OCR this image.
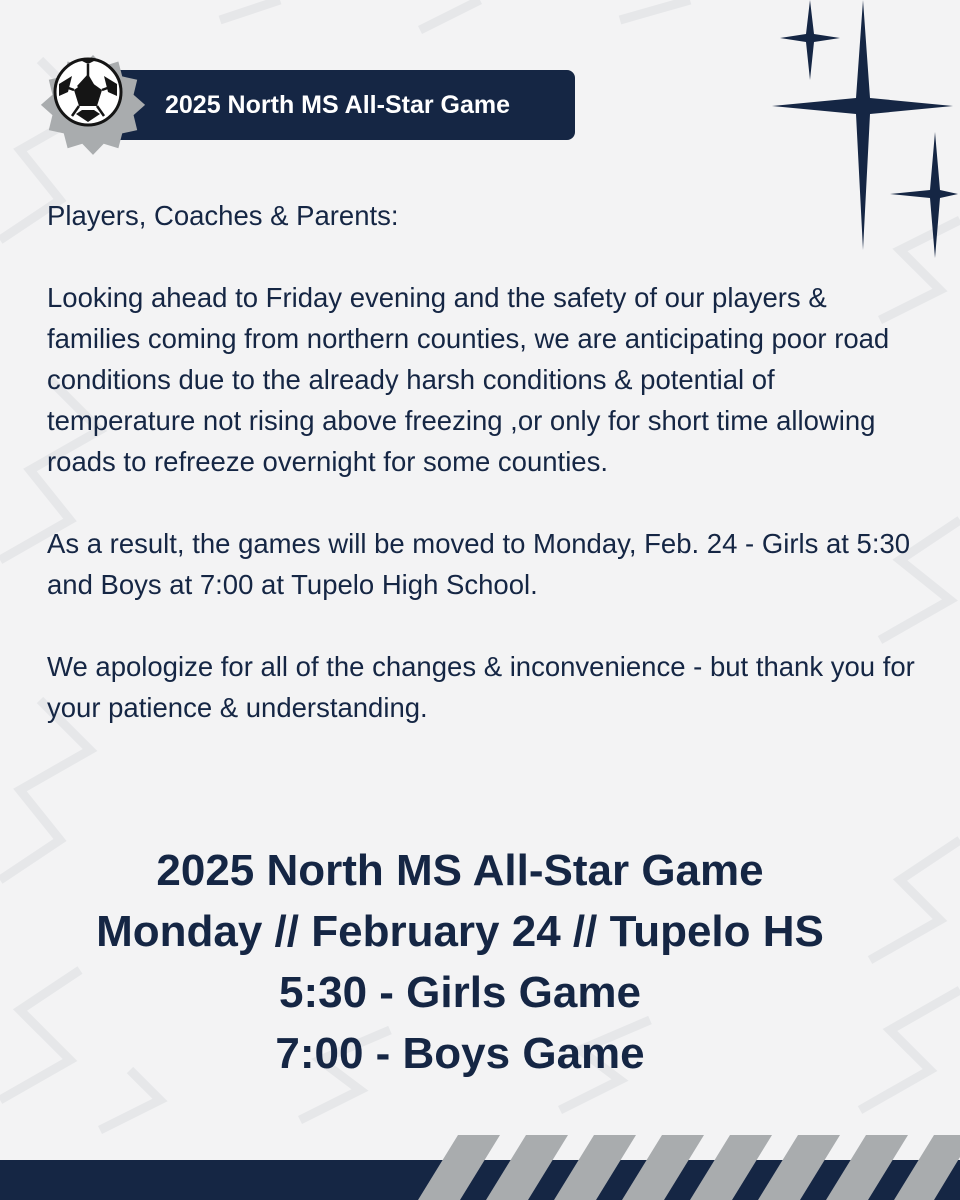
2025 North MS All-Star Game

Players, Coaches & Parents:

Looking ahead to Friday evening and the safety of our players & families coming from northern counties, we are anticipating poor road conditions due to the already harsh conditions & potential of temperature not rising above freezing ,or only for short time allowing roads to refreeze overnight for some counties.

As a result, the games will be moved to Monday, Feb. 24 - Girls at 5:30 and Boys at 7:00 at Tupelo High School.

We apologize for all of the changes & inconvenience - but thank you for your patience & understanding.

2025 North MS All-Star Game
Monday // February 24 // Tupelo HS
5:30 - Girls Game
7:00 - Boys Game
